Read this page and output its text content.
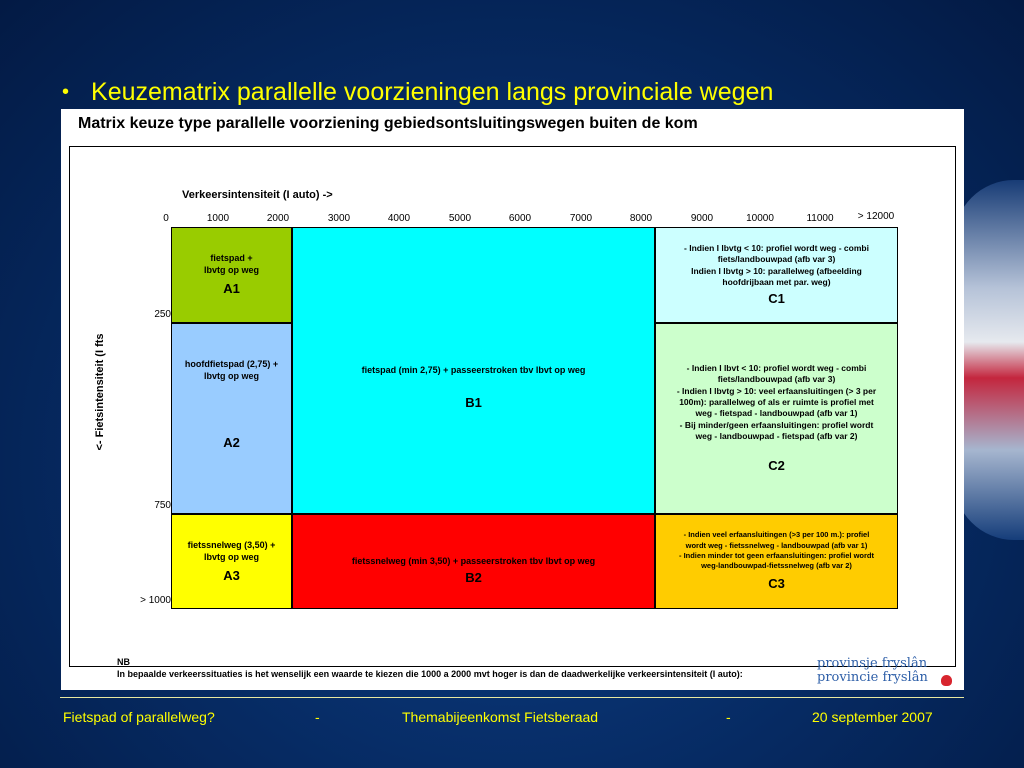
• Keuzematrix parallelle voorzieningen langs provinciale wegen
Matrix keuze type parallelle voorziening gebiedsontsluitingswegen buiten de kom
Verkeersintensiteit (I auto) ->
0	1000	2000	3000	4000	5000	6000	7000	8000	9000	10000	11000 > 12000
<- Fietsintensiteit (I fts
250
750
> 1000
fietspad +
lbvtg op weg
A1
hoofdfietspad (2,75) +
lbvtg op weg
A2
fietssnelweg (3,50) +
lbvtg op weg
A3
fietspad (min 2,75) + passeerstroken tbv lbvt op weg
B1
fietssnelweg (min 3,50) + passeerstroken tbv lbvt op weg
B2
- Indien I lbvtg < 10: profiel wordt weg - combi
fiets/landbouwpad (afb var 3)
Indien I lbvtg > 10: parallelweg (afbeelding
hoofdrijbaan met par. weg)
C1
- Indien I lbvt < 10: profiel wordt weg - combi
fiets/landbouwpad (afb var 3)
- Indien I lbvtg > 10: veel erfaansluitingen (> 3 per
100m): parallelweg of als er ruimte is profiel met
weg - fietspad - landbouwpad (afb var 1)
- Bij minder/geen erfaansluitingen: profiel wordt
weg - landbouwpad - fietspad (afb var 2)
C2
- Indien veel erfaansluitingen (>3 per 100 m.): profiel
wordt weg - fietssnelweg - landbouwpad (afb var 1)
- Indien minder tot geen erfaansluitingen: profiel wordt
weg-landbouwpad-fietssnelweg (afb var 2)
C3
provinsje fryslân
provincie fryslân
NB
In bepaalde verkeerssituaties is het wenselijk een waarde te kiezen die 1000 a 2000 mvt hoger is dan de daadwerkelijke verkeersintensiteit (I auto):
Fietspad of parallelweg?	-	Themabijeenkomst Fietsberaad	-	20 september 2007
